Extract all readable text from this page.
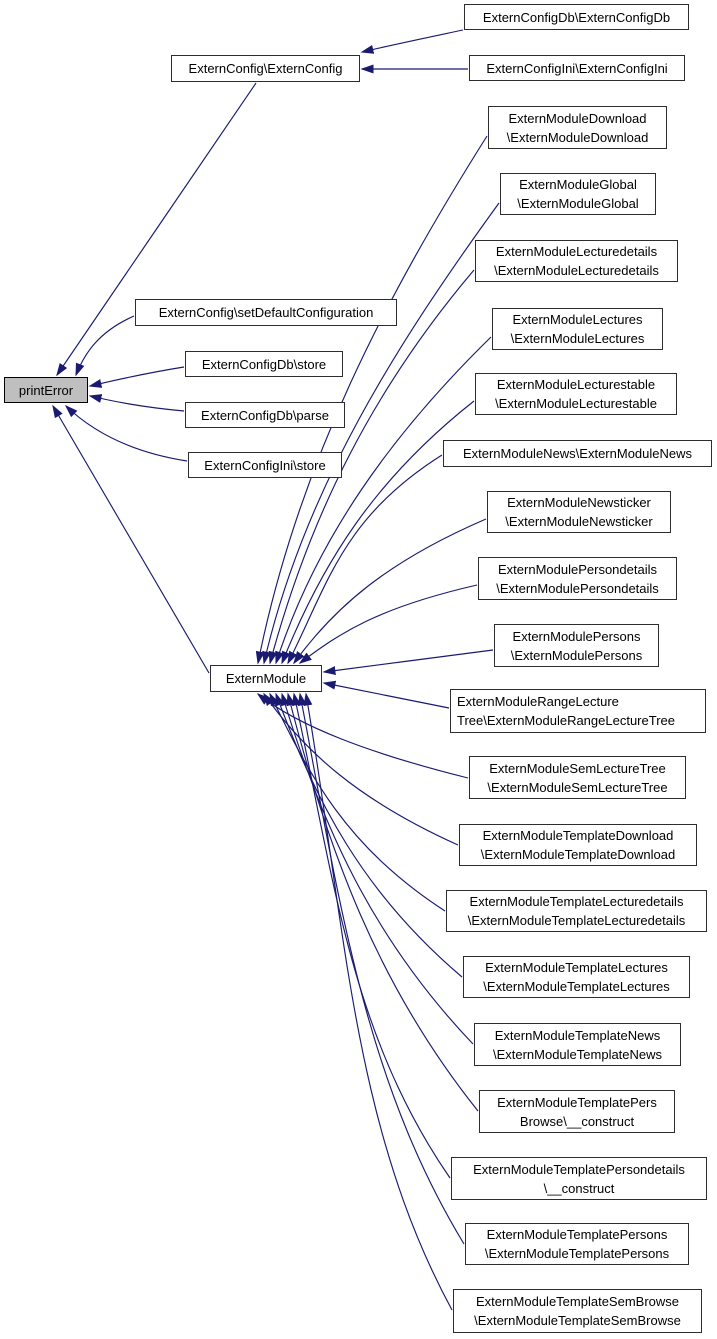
printError
ExternConfig\ExternConfig
ExternConfigDb\ExternConfigDb
ExternConfigIni\ExternConfigIni
ExternConfig\setDefaultConfiguration
ExternConfigDb\store
ExternConfigDb\parse
ExternConfigIni\store
ExternModule
ExternModuleDownload
\ExternModuleDownload
ExternModuleGlobal
\ExternModuleGlobal
ExternModuleLecturedetails
\ExternModuleLecturedetails
ExternModuleLectures
\ExternModuleLectures
ExternModuleLecturestable
\ExternModuleLecturestable
ExternModuleNews\ExternModuleNews
ExternModuleNewsticker
\ExternModuleNewsticker
ExternModulePersondetails
\ExternModulePersondetails
ExternModulePersons
\ExternModulePersons
ExternModuleRangeLecture
Tree\ExternModuleRangeLectureTree
ExternModuleSemLectureTree
\ExternModuleSemLectureTree
ExternModuleTemplateDownload
\ExternModuleTemplateDownload
ExternModuleTemplateLecturedetails
\ExternModuleTemplateLecturedetails
ExternModuleTemplateLectures
\ExternModuleTemplateLectures
ExternModuleTemplateNews
\ExternModuleTemplateNews
ExternModuleTemplatePers
Browse\__construct
ExternModuleTemplatePersondetails
\__construct
ExternModuleTemplatePersons
\ExternModuleTemplatePersons
ExternModuleTemplateSemBrowse
\ExternModuleTemplateSemBrowse
